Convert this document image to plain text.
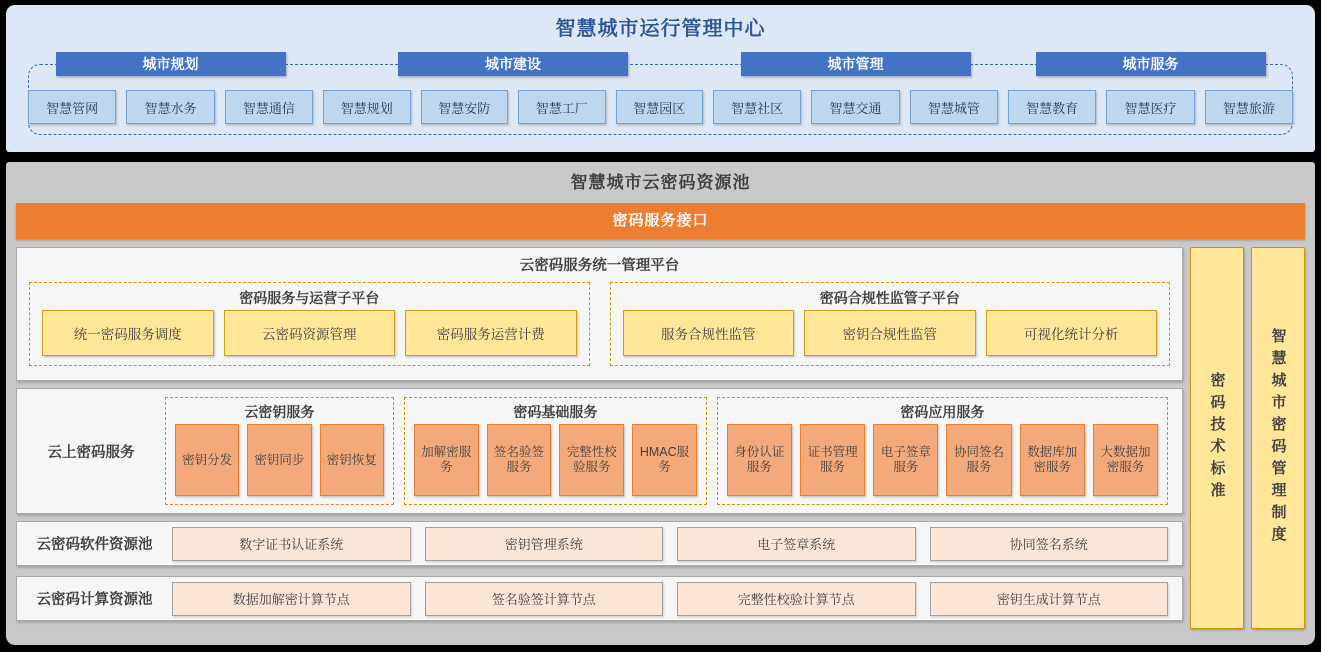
智慧城市运行管理中心
城市规划
智慧管网	智慧水务	智慧通信
城市建设
智慧规划	智慧安防	智慧工厂	智慧园区
城市管理
智慧社区	智慧交通	智慧城管
城市服务
智慧教育	智慧医疗	智慧旅游
智慧城市云密码资源池
密码服务接口
云密码服务统一管理平台
密码服务与运营子平台
统一密码服务调度	云密码资源管理	密码服务运营计费
密码合规性监管子平台
服务合规性监管	密钥合规性监管	可视化统计分析
云上密码服务
云密钥服务
密钥分发	密钥同步	密钥恢复
密码基础服务
加解密服务
签名验签服务
完整性校验服务
HMAC服务
密码应用服务
身份认证服务
证书管理服务
电子签章服务
协同签名服务
数据库加密服务
大数据加密服务
云密码软件资源池	数字证书认证系统	密钥管理系统	电子签章系统	协同签名系统
云密码计算资源池	数据加解密计算节点	签名验签计算节点	完整性校验计算节点	密钥生成计算节点
密码技术标准	智慧城市密码管理制度
